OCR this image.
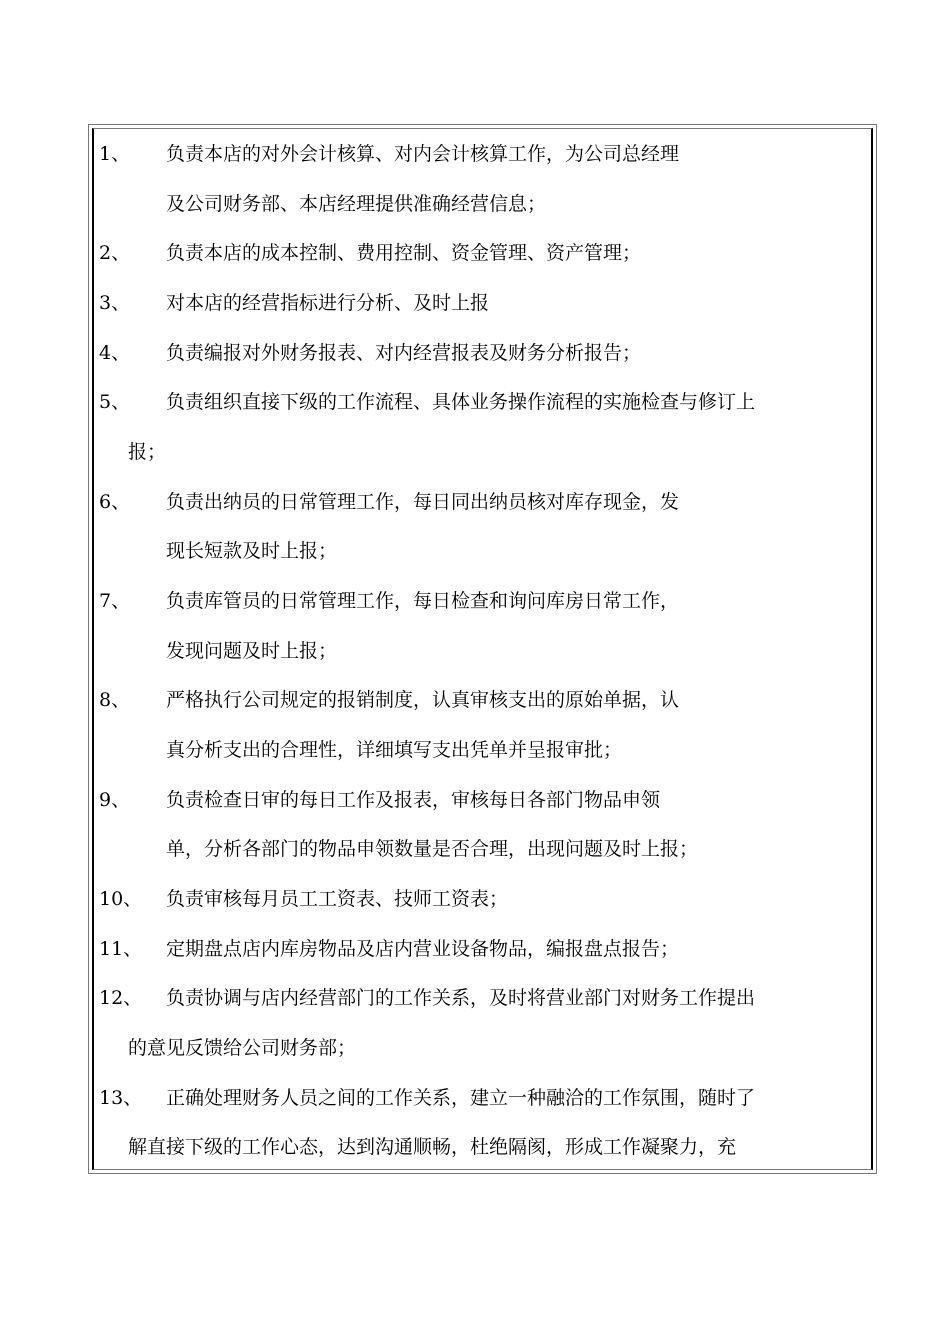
1、 负责本店的对外会计核算、对内会计核算工作，为公司总经理
及公司财务部、本店经理提供准确经营信息；
2、 负责本店的成本控制、费用控制、资金管理、资产管理；
3、 对本店的经营指标进行分析、及时上报
4、 负责编报对外财务报表、对内经营报表及财务分析报告；
5、 负责组织直接下级的工作流程、具体业务操作流程的实施检查与修订上
报；
6、 负责出纳员的日常管理工作，每日同出纳员核对库存现金，发
现长短款及时上报；
7、 负责库管员的日常管理工作，每日检查和询问库房日常工作，
发现问题及时上报；
8、 严格执行公司规定的报销制度，认真审核支出的原始单据，认
真分析支出的合理性，详细填写支出凭单并呈报审批；
9、 负责检查日审的每日工作及报表，审核每日各部门物品申领
单，分析各部门的物品申领数量是否合理，出现问题及时上报；
10、 负责审核每月员工工资表、技师工资表；
11、 定期盘点店内库房物品及店内营业设备物品，编报盘点报告；
12、 负责协调与店内经营部门的工作关系，及时将营业部门对财务工作提出
的意见反馈给公司财务部；
13、 正确处理财务人员之间的工作关系，建立一种融洽的工作氛围，随时了
解直接下级的工作心态，达到沟通顺畅，杜绝隔阂，形成工作凝聚力，充
